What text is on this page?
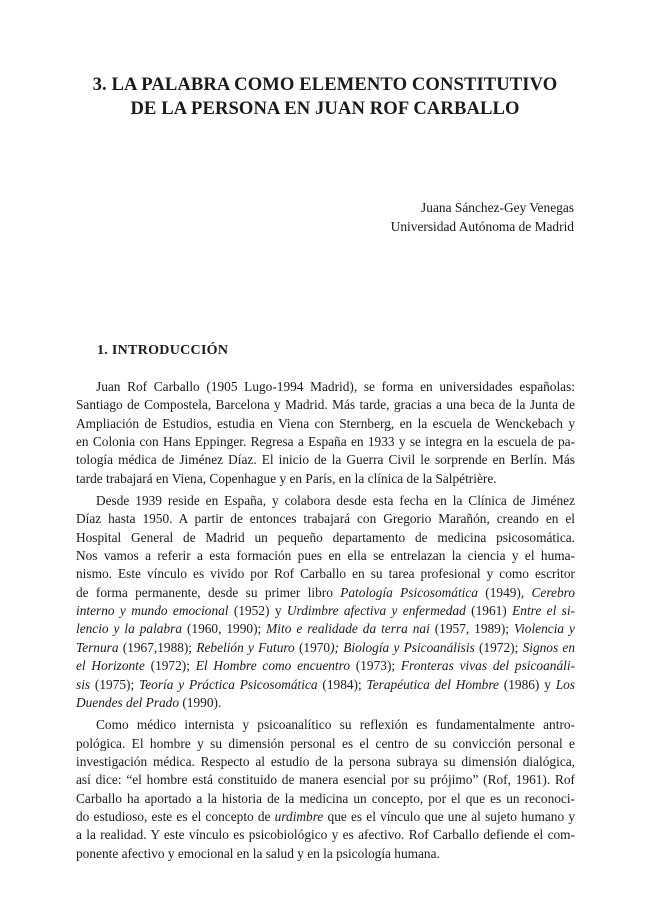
3. LA PALABRA COMO ELEMENTO CONSTITUTIVO
DE LA PERSONA EN JUAN ROF CARBALLO
Juana Sánchez-Gey Venegas
Universidad Autónoma de Madrid
1. INTRODUCCIÓN

Juan Rof Carballo (1905 Lugo-1994 Madrid), se forma en universidades españolas:
Santiago de Compostela, Barcelona y Madrid. Más tarde, gracias a una beca de la Junta de
Ampliación de Estudios, estudia en Viena con Sternberg, en la escuela de Wenckebach y
en Colonia con Hans Eppinger. Regresa a España en 1933 y se integra en la escuela de pa-
tología médica de Jiménez Díaz. El inicio de la Guerra Civil le sorprende en Berlín. Más
tarde trabajará en Viena, Copenhague y en París, en la clínica de la Salpétrière.

Desde 1939 reside en España, y colabora desde esta fecha en la Clínica de Jiménez
Díaz hasta 1950. A partir de entonces trabajará con Gregorio Marañón, creando en el
Hospital General de Madrid un pequeño departamento de medicina psicosomática.
Nos vamos a referir a esta formación pues en ella se entrelazan la ciencia y el huma-
nismo. Este vínculo es vivido por Rof Carballo en su tarea profesional y como escritor
de forma permanente, desde su primer libro Patología Psicosomática (1949), Cerebro
interno y mundo emocional (1952) y Urdimbre afectiva y enfermedad (1961) Entre el si-
lencio y la palabra (1960, 1990); Mito e realidade da terra nai (1957, 1989); Violencia y
Ternura (1967,1988); Rebelión y Futuro (1970); Biología y Psicoanálisis (1972); Signos en
el Horizonte (1972); El Hombre como encuentro (1973); Fronteras vivas del psicoanáli-
sis (1975); Teoría y Práctica Psicosomática (1984); Terapéutica del Hombre (1986) y Los
Duendes del Prado (1990).

Como médico internista y psicoanalítico su reflexión es fundamentalmente antro-
pológica. El hombre y su dimensión personal es el centro de su convicción personal e
investigación médica. Respecto al estudio de la persona subraya su dimensión dialógica,
así dice: “el hombre está constituido de manera esencial por su prójimo” (Rof, 1961). Rof
Carballo ha aportado a la historia de la medicina un concepto, por el que es un reconoci-
do estudioso, este es el concepto de urdimbre que es el vínculo que une al sujeto humano y
a la realidad. Y este vínculo es psicobiológico y es afectivo. Rof Carballo defiende el com-
ponente afectivo y emocional en la salud y en la psicología humana.
